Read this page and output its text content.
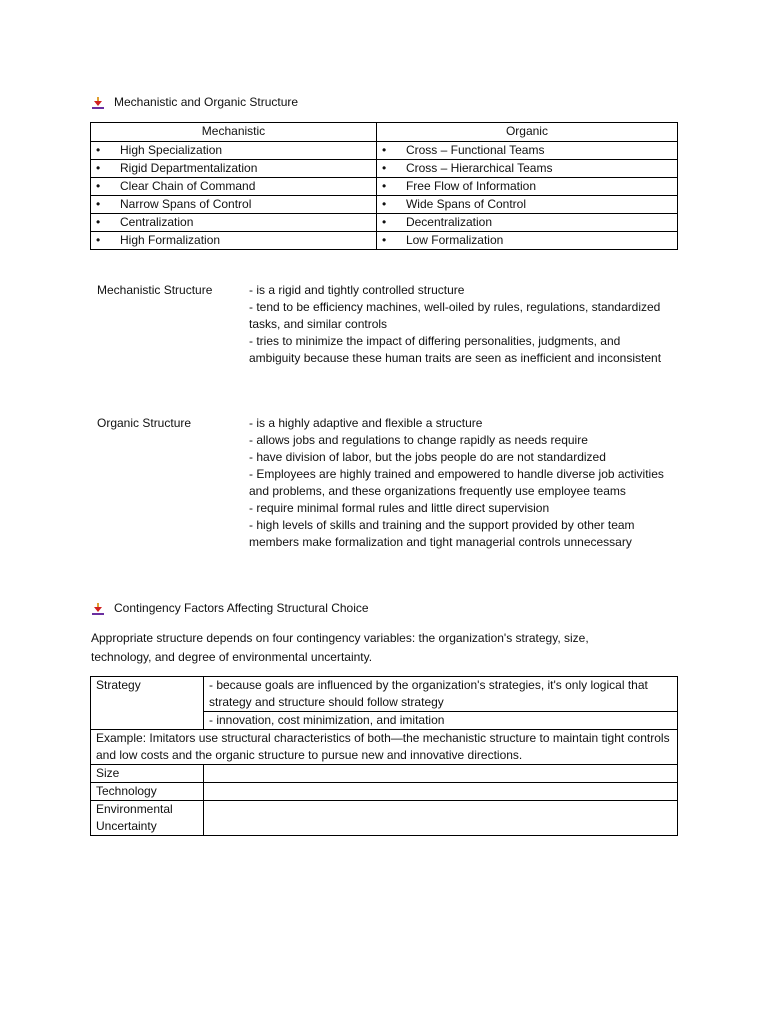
Mechanistic and Organic Structure
Mechanistic	Organic

• High Specialization	• Cross – Functional Teams

• Rigid Departmentalization	• Cross – Hierarchical Teams

• Clear Chain of Command	• Free Flow of Information

• Narrow Spans of Control	• Wide Spans of Control

• Centralization	• Decentralization

• High Formalization	• Low Formalization
Mechanistic Structure	- is a rigid and tightly controlled structure
- tend to be efficiency machines, well-oiled by rules, regulations, standardized tasks, and similar controls
- tries to minimize the impact of differing personalities, judgments, and ambiguity because these human traits are seen as inefficient and inconsistent
Organic Structure	- is a highly adaptive and flexible a structure
- allows jobs and regulations to change rapidly as needs require
- have division of labor, but the jobs people do are not standardized
- Employees are highly trained and empowered to handle diverse job activities and problems, and these organizations frequently use employee teams
- require minimal formal rules and little direct supervision
- high levels of skills and training and the support provided by other team members make formalization and tight managerial controls unnecessary
Contingency Factors Affecting Structural Choice
Appropriate structure depends on four contingency variables: the organization's strategy, size, technology, and degree of environmental uncertainty.
Strategy	- because goals are influenced by the organization's strategies, it's only logical that strategy and structure should follow strategy
	- innovation, cost minimization, and imitation
Example: Imitators use structural characteristics of both—the mechanistic structure to maintain tight controls and low costs and the organic structure to pursue new and innovative directions.	
Size	
Technology	
Environmental Uncertainty	
